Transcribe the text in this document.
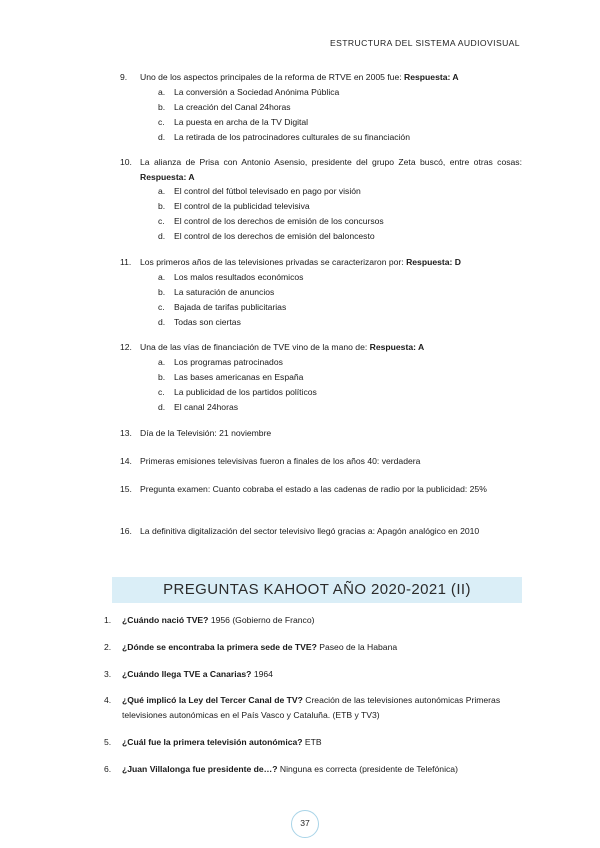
ESTRUCTURA DEL SISTEMA AUDIOVISUAL
9. Uno de los aspectos principales de la reforma de RTVE en 2005 fue: Respuesta: A
a. La conversión a Sociedad Anónima Pública
b. La creación del Canal 24horas
c. La puesta en archa de la TV Digital
d. La retirada de los patrocinadores culturales de su financiación
10. La alianza de Prisa con Antonio Asensio, presidente del grupo Zeta buscó, entre otras cosas: Respuesta: A
a. El control del fútbol televisado en pago por visión
b. El control de la publicidad televisiva
c. El control de los derechos de emisión de los concursos
d. El control de los derechos de emisión del baloncesto
11. Los primeros años de las televisiones privadas se caracterizaron por: Respuesta: D
a. Los malos resultados económicos
b. La saturación de anuncios
c. Bajada de tarifas publicitarias
d. Todas son ciertas
12. Una de las vías de financiación de TVE vino de la mano de: Respuesta: A
a. Los programas patrocinados
b. Las bases americanas en España
c. La publicidad de los partidos políticos
d. El canal 24horas
13. Día de la Televisión: 21 noviembre
14. Primeras emisiones televisivas fueron a finales de los años 40: verdadera
15. Pregunta examen: Cuanto cobraba el estado a las cadenas de radio por la publicidad: 25%
16. La definitiva digitalización del sector televisivo llegó gracias a: Apagón analógico en 2010
PREGUNTAS KAHOOT AÑO 2020-2021 (II)
1. ¿Cuándo nació TVE? 1956 (Gobierno de Franco)
2. ¿Dónde se encontraba la primera sede de TVE? Paseo de la Habana
3. ¿Cuándo llega TVE a Canarias? 1964
4. ¿Qué implicó la Ley del Tercer Canal de TV? Creación de las televisiones autonómicas Primeras televisiones autonómicas en el País Vasco y Cataluña. (ETB y TV3)
5. ¿Cuál fue la primera televisión autonómica? ETB
6. ¿Juan Villalonga fue presidente de…? Ninguna es correcta (presidente de Telefónica)
37
